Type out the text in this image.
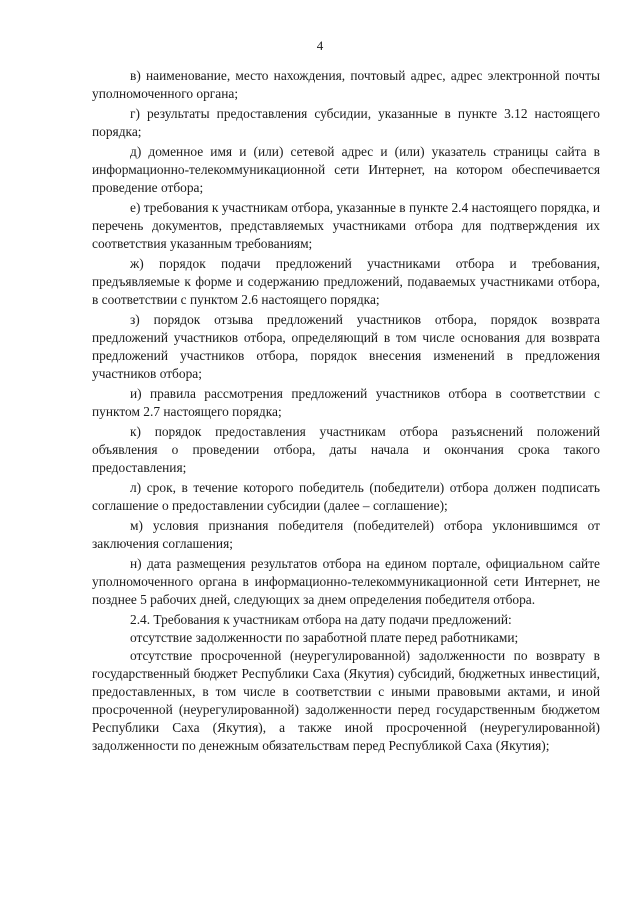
4

в) наименование, место нахождения, почтовый адрес, адрес электронной почты уполномоченного органа;

г) результаты предоставления субсидии, указанные в пункте 3.12 настоящего порядка;

д) доменное имя и (или) сетевой адрес и (или) указатель страницы сайта в информационно-телекоммуникационной сети Интернет, на котором обеспечивается проведение отбора;

е) требования к участникам отбора, указанные в пункте 2.4 настоящего порядка, и перечень документов, представляемых участниками отбора для подтверждения их соответствия указанным требованиям;

ж) порядок подачи предложений участниками отбора и требования, предъявляемые к форме и содержанию предложений, подаваемых участниками отбора, в соответствии с пунктом 2.6 настоящего порядка;

з) порядок отзыва предложений участников отбора, порядок возврата предложений участников отбора, определяющий в том числе основания для возврата предложений участников отбора, порядок внесения изменений в предложения участников отбора;

и) правила рассмотрения предложений участников отбора в соответствии с пунктом 2.7 настоящего порядка;

к) порядок предоставления участникам отбора разъяснений положений объявления о проведении отбора, даты начала и окончания срока такого предоставления;

л) срок, в течение которого победитель (победители) отбора должен подписать соглашение о предоставлении субсидии (далее – соглашение);

м) условия признания победителя (победителей) отбора уклонившимся от заключения соглашения;

н) дата размещения результатов отбора на едином портале, официальном сайте уполномоченного органа в информационно-телекоммуникационной сети Интернет, не позднее 5 рабочих дней, следующих за днем определения победителя отбора.

2.4. Требования к участникам отбора на дату подачи предложений:

отсутствие задолженности по заработной плате перед работниками;

отсутствие просроченной (неурегулированной) задолженности по возврату в государственный бюджет Республики Саха (Якутия) субсидий, бюджетных инвестиций, предоставленных, в том числе в соответствии с иными правовыми актами, и иной просроченной (неурегулированной) задолженности перед государственным бюджетом Республики Саха (Якутия), а также иной просроченной (неурегулированной) задолженности по денежным обязательствам перед Республикой Саха (Якутия);
